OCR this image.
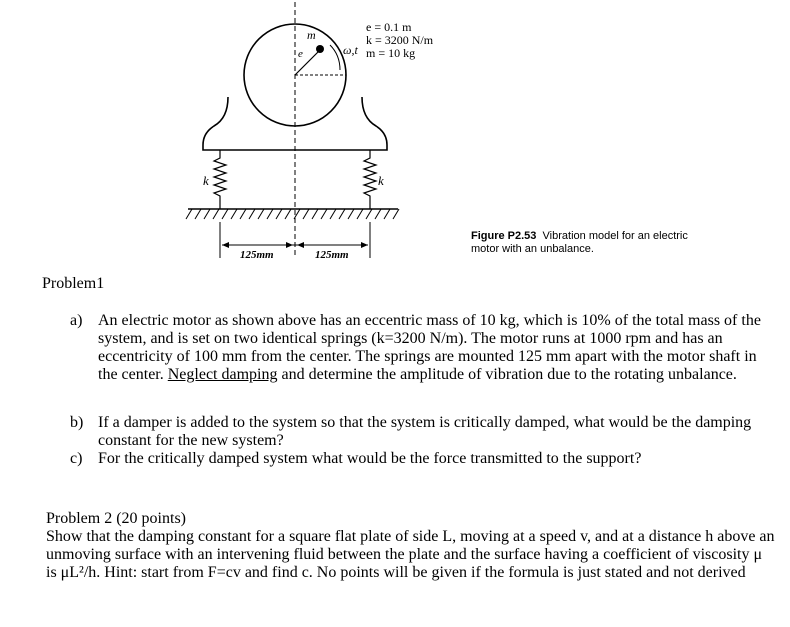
m
e	ω,t
k	k
125mm	125mm
e = 0.1 m
k = 3200 N/m
m = 10 kg
Figure P2.53 Vibration model for an electric motor with an unbalance.
Problem1
a) An electric motor as shown above has an eccentric mass of 10 kg, which is 10% of the total mass of the system, and is set on two identical springs (k=3200 N/m). The motor runs at 1000 rpm and has an eccentricity of 100 mm from the center. The springs are mounted 125 mm apart with the motor shaft in the center. Neglect damping and determine the amplitude of vibration due to the rotating unbalance.
b) If a damper is added to the system so that the system is critically damped, what would be the damping constant for the new system?
c) For the critically damped system what would be the force transmitted to the support?
Problem 2 (20 points)
Show that the damping constant for a square flat plate of side L, moving at a speed v, and at a distance h above an unmoving surface with an intervening fluid between the plate and the surface having a coefficient of viscosity μ is μL²/h. Hint: start from F=cv and find c. No points will be given if the formula is just stated and not derived
